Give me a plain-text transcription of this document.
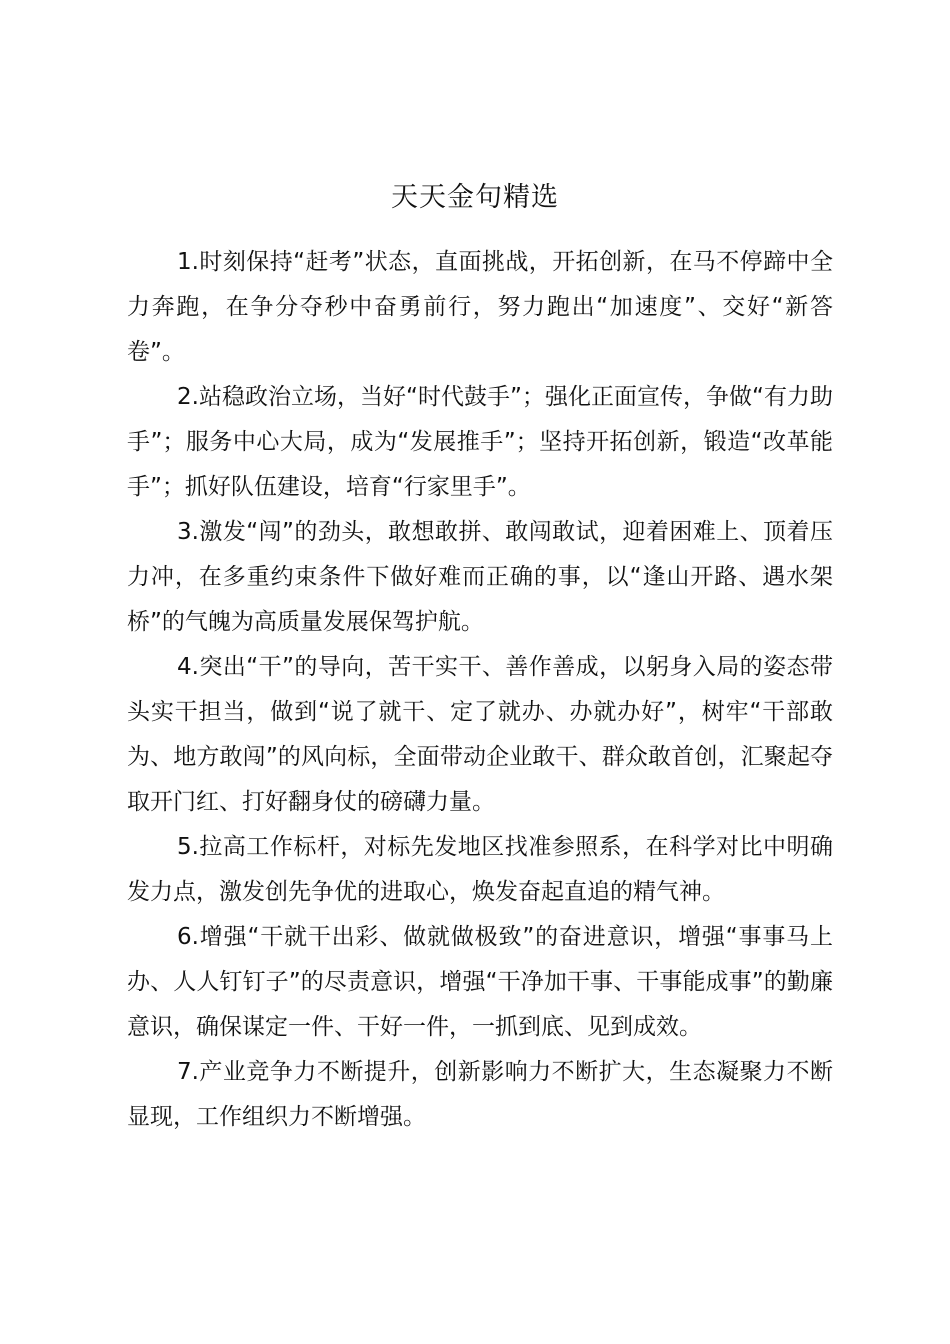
天天金句精选

1.时刻保持“赶考”状态，直面挑战，开拓创新，在马不停蹄中全力奔跑，在争分夺秒中奋勇前行，努力跑出“加速度”、交好“新答卷”。

2.站稳政治立场，当好“时代鼓手”；强化正面宣传，争做“有力助手”；服务中心大局，成为“发展推手”；坚持开拓创新，锻造“改革能手”；抓好队伍建设，培育“行家里手”。

3.激发“闯”的劲头，敢想敢拼、敢闯敢试，迎着困难上、顶着压力冲，在多重约束条件下做好难而正确的事，以“逢山开路、遇水架桥”的气魄为高质量发展保驾护航。

4.突出“干”的导向，苦干实干、善作善成，以躬身入局的姿态带头实干担当，做到“说了就干、定了就办、办就办好”，树牢“干部敢为、地方敢闯”的风向标，全面带动企业敢干、群众敢首创，汇聚起夺取开门红、打好翻身仗的磅礴力量。

5.拉高工作标杆，对标先发地区找准参照系，在科学对比中明确发力点，激发创先争优的进取心，焕发奋起直追的精气神。

6.增强“干就干出彩、做就做极致”的奋进意识，增强“事事马上办、人人钉钉子”的尽责意识，增强“干净加干事、干事能成事”的勤廉意识，确保谋定一件、干好一件，一抓到底、见到成效。

7.产业竞争力不断提升，创新影响力不断扩大，生态凝聚力不断显现，工作组织力不断增强。
